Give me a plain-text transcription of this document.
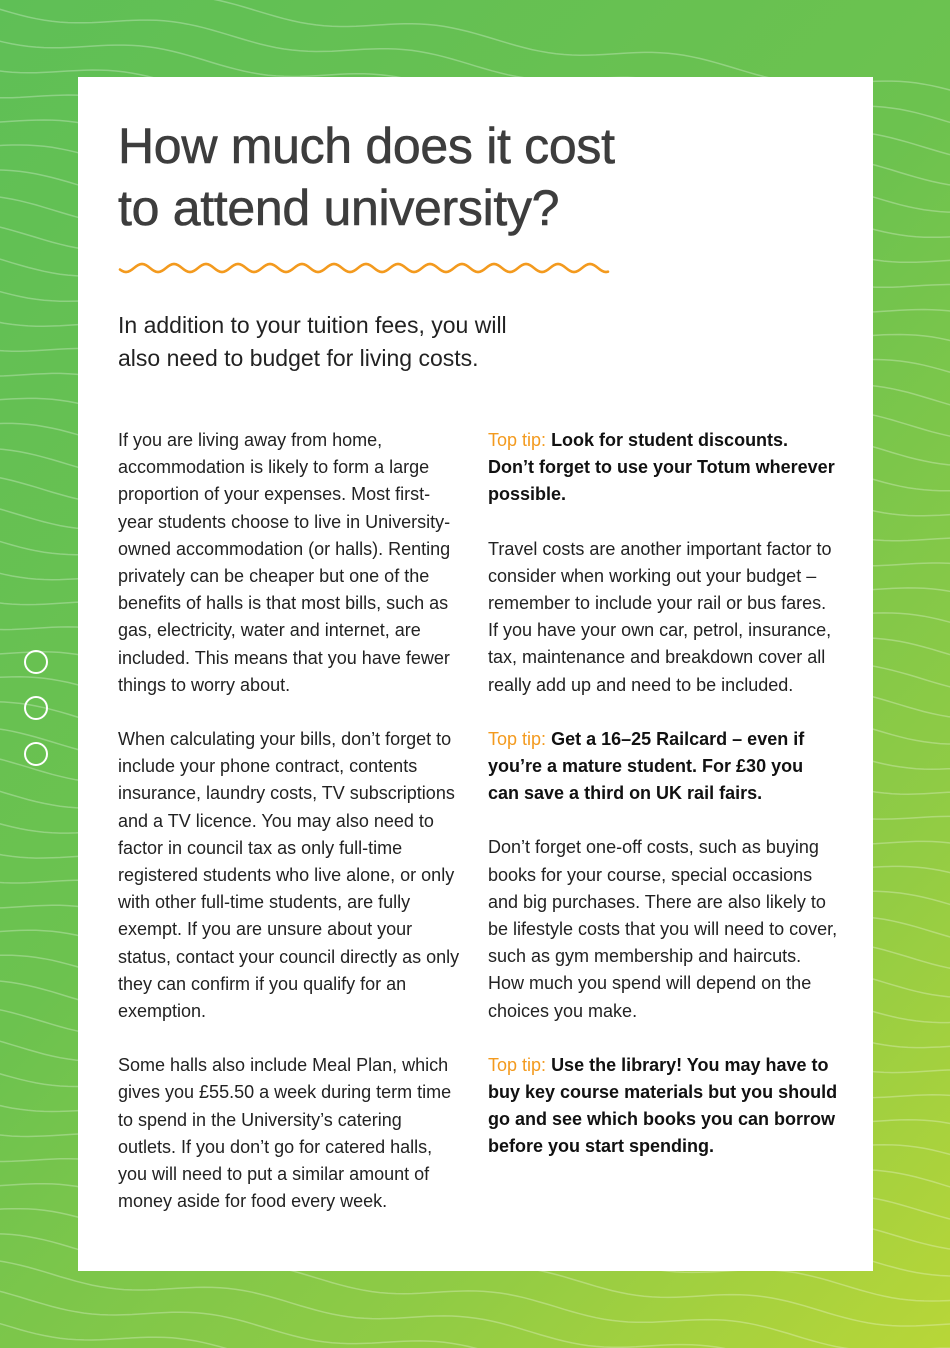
How much does it cost
to attend university?

In addition to your tuition fees, you will
also need to budget for living costs.

If you are living away from home, accommodation is likely to form a large proportion of your expenses. Most first-year students choose to live in University-owned accommodation (or halls). Renting privately can be cheaper but one of the benefits of halls is that most bills, such as gas, electricity, water and internet, are included. This means that you have fewer things to worry about.

When calculating your bills, don’t forget to include your phone contract, contents insurance, laundry costs, TV subscriptions and a TV licence. You may also need to factor in council tax as only full-time registered students who live alone, or only with other full-time students, are fully exempt. If you are unsure about your status, contact your council directly as only they can confirm if you qualify for an exemption.

Some halls also include Meal Plan, which gives you £55.50 a week during term time to spend in the University’s catering outlets. If you don’t go for catered halls, you will need to put a similar amount of money aside for food every week.

Top tip: Look for student discounts. Don’t forget to use your Totum wherever possible.

Travel costs are another important factor to consider when working out your budget – remember to include your rail or bus fares. If you have your own car, petrol, insurance, tax, maintenance and breakdown cover all really add up and need to be included.

Top tip: Get a 16–25 Railcard – even if you’re a mature student. For £30 you can save a third on UK rail fairs.

Don’t forget one-off costs, such as buying books for your course, special occasions and big purchases. There are also likely to be lifestyle costs that you will need to cover, such as gym membership and haircuts. How much you spend will depend on the choices you make.

Top tip: Use the library! You may have to buy key course materials but you should go and see which books you can borrow before you start spending.
